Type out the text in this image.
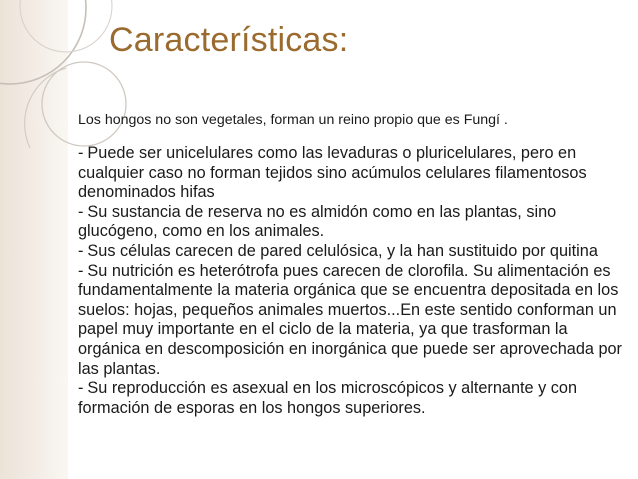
Características:

Los hongos no son vegetales, forman un reino propio que es Fungí .

- Puede ser unicelulares como las levaduras o pluricelulares, pero en cualquier caso no forman tejidos sino acúmulos celulares filamentosos denominados hifas
- Su sustancia de reserva no es almidón como en las plantas, sino glucógeno, como en los animales.
- Sus células carecen de pared celulósica, y la han sustituido por quitina
- Su nutrición es heterótrofa pues carecen de clorofila. Su alimentación es fundamentalmente la materia orgánica que se encuentra depositada en los suelos: hojas, pequeños animales muertos...En este sentido conforman un papel muy importante en el ciclo de la materia, ya que trasforman la orgánica en descomposición en inorgánica que puede ser aprovechada por las plantas.
- Su reproducción es asexual en los microscópicos y alternante y con formación de esporas en los hongos superiores.
